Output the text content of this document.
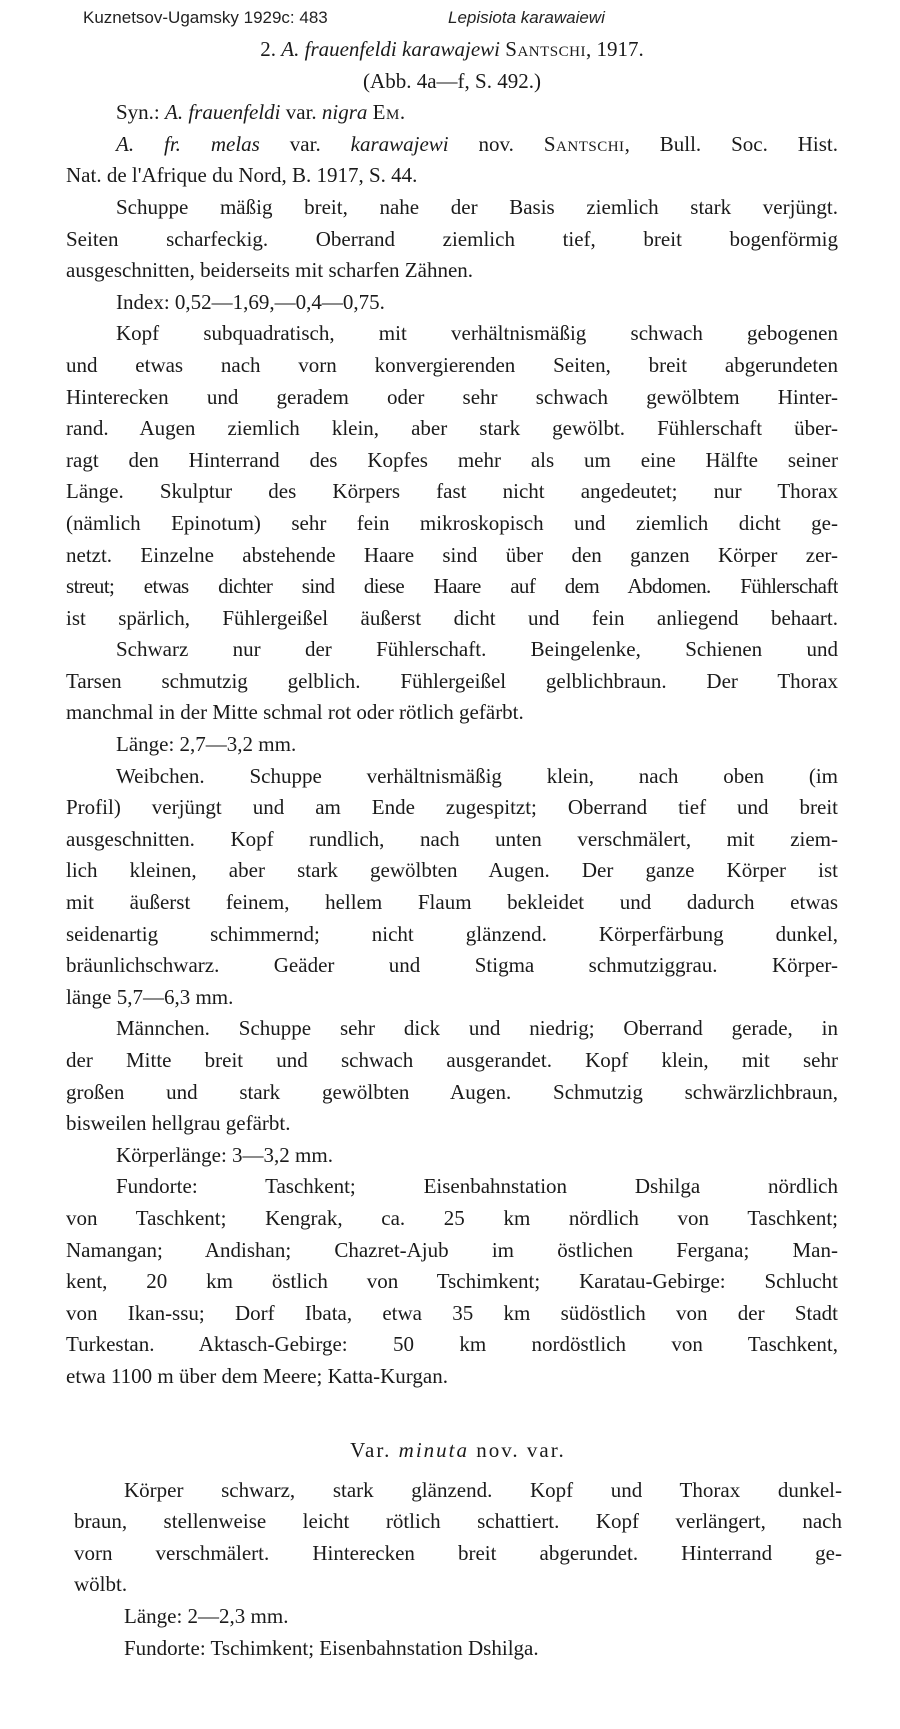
Kuznetsov-Ugamsky 1929c: 483	Lepisiota karawaiewi
2. A. frauenfeldi karawajewi Santschi, 1917.
(Abb. 4a—f, S. 492.)
Syn.: A. frauenfeldi var. nigra Em.
A. fr. melas var. karawajewi nov. Santschi, Bull. Soc. Hist.
Nat. de l'Afrique du Nord, B. 1917, S. 44.
Schuppe mäßig breit, nahe der Basis ziemlich stark verjüngt.
Seiten scharfeckig. Oberrand ziemlich tief, breit bogenförmig
ausgeschnitten, beiderseits mit scharfen Zähnen.
Index: 0,52—1,69,—0,4—0,75.
Kopf subquadratisch, mit verhältnismäßig schwach gebogenen
und etwas nach vorn konvergierenden Seiten, breit abgerundeten
Hinterecken und geradem oder sehr schwach gewölbtem Hinter-
rand. Augen ziemlich klein, aber stark gewölbt. Fühlerschaft über-
ragt den Hinterrand des Kopfes mehr als um eine Hälfte seiner
Länge. Skulptur des Körpers fast nicht angedeutet; nur Thorax
(nämlich Epinotum) sehr fein mikroskopisch und ziemlich dicht ge-
netzt. Einzelne abstehende Haare sind über den ganzen Körper zer-
streut; etwas dichter sind diese Haare auf dem Abdomen. Fühlerschaft
ist spärlich, Fühlergeißel äußerst dicht und fein anliegend behaart.
Schwarz nur der Fühlerschaft. Beingelenke, Schienen und
Tarsen schmutzig gelblich. Fühlergeißel gelblichbraun. Der Thorax
manchmal in der Mitte schmal rot oder rötlich gefärbt.
Länge: 2,7—3,2 mm.
Weibchen. Schuppe verhältnismäßig klein, nach oben (im
Profil) verjüngt und am Ende zugespitzt; Oberrand tief und breit
ausgeschnitten. Kopf rundlich, nach unten verschmälert, mit ziem-
lich kleinen, aber stark gewölbten Augen. Der ganze Körper ist
mit äußerst feinem, hellem Flaum bekleidet und dadurch etwas
seidenartig schimmernd; nicht glänzend. Körperfärbung dunkel,
bräunlichschwarz. Geäder und Stigma schmutziggrau. Körper-
länge 5,7—6,3 mm.
Männchen. Schuppe sehr dick und niedrig; Oberrand gerade, in
der Mitte breit und schwach ausgerandet. Kopf klein, mit sehr
großen und stark gewölbten Augen. Schmutzig schwärzlichbraun,
bisweilen hellgrau gefärbt.
Körperlänge: 3—3,2 mm.
Fundorte: Taschkent; Eisenbahnstation Dshilga nördlich
von Taschkent; Kengrak, ca. 25 km nördlich von Taschkent;
Namangan; Andishan; Chazret-Ajub im östlichen Fergana; Man-
kent, 20 km östlich von Tschimkent; Karatau-Gebirge: Schlucht
von Ikan-ssu; Dorf Ibata, etwa 35 km südöstlich von der Stadt
Turkestan. Aktasch-Gebirge: 50 km nordöstlich von Taschkent,
etwa 1100 m über dem Meere; Katta-Kurgan.
Var. minuta nov. var.
Körper schwarz, stark glänzend. Kopf und Thorax dunkel-
braun, stellenweise leicht rötlich schattiert. Kopf verlängert, nach
vorn verschmälert. Hinterecken breit abgerundet. Hinterrand ge-
wölbt.
Länge: 2—2,3 mm.
Fundorte: Tschimkent; Eisenbahnstation Dshilga.
